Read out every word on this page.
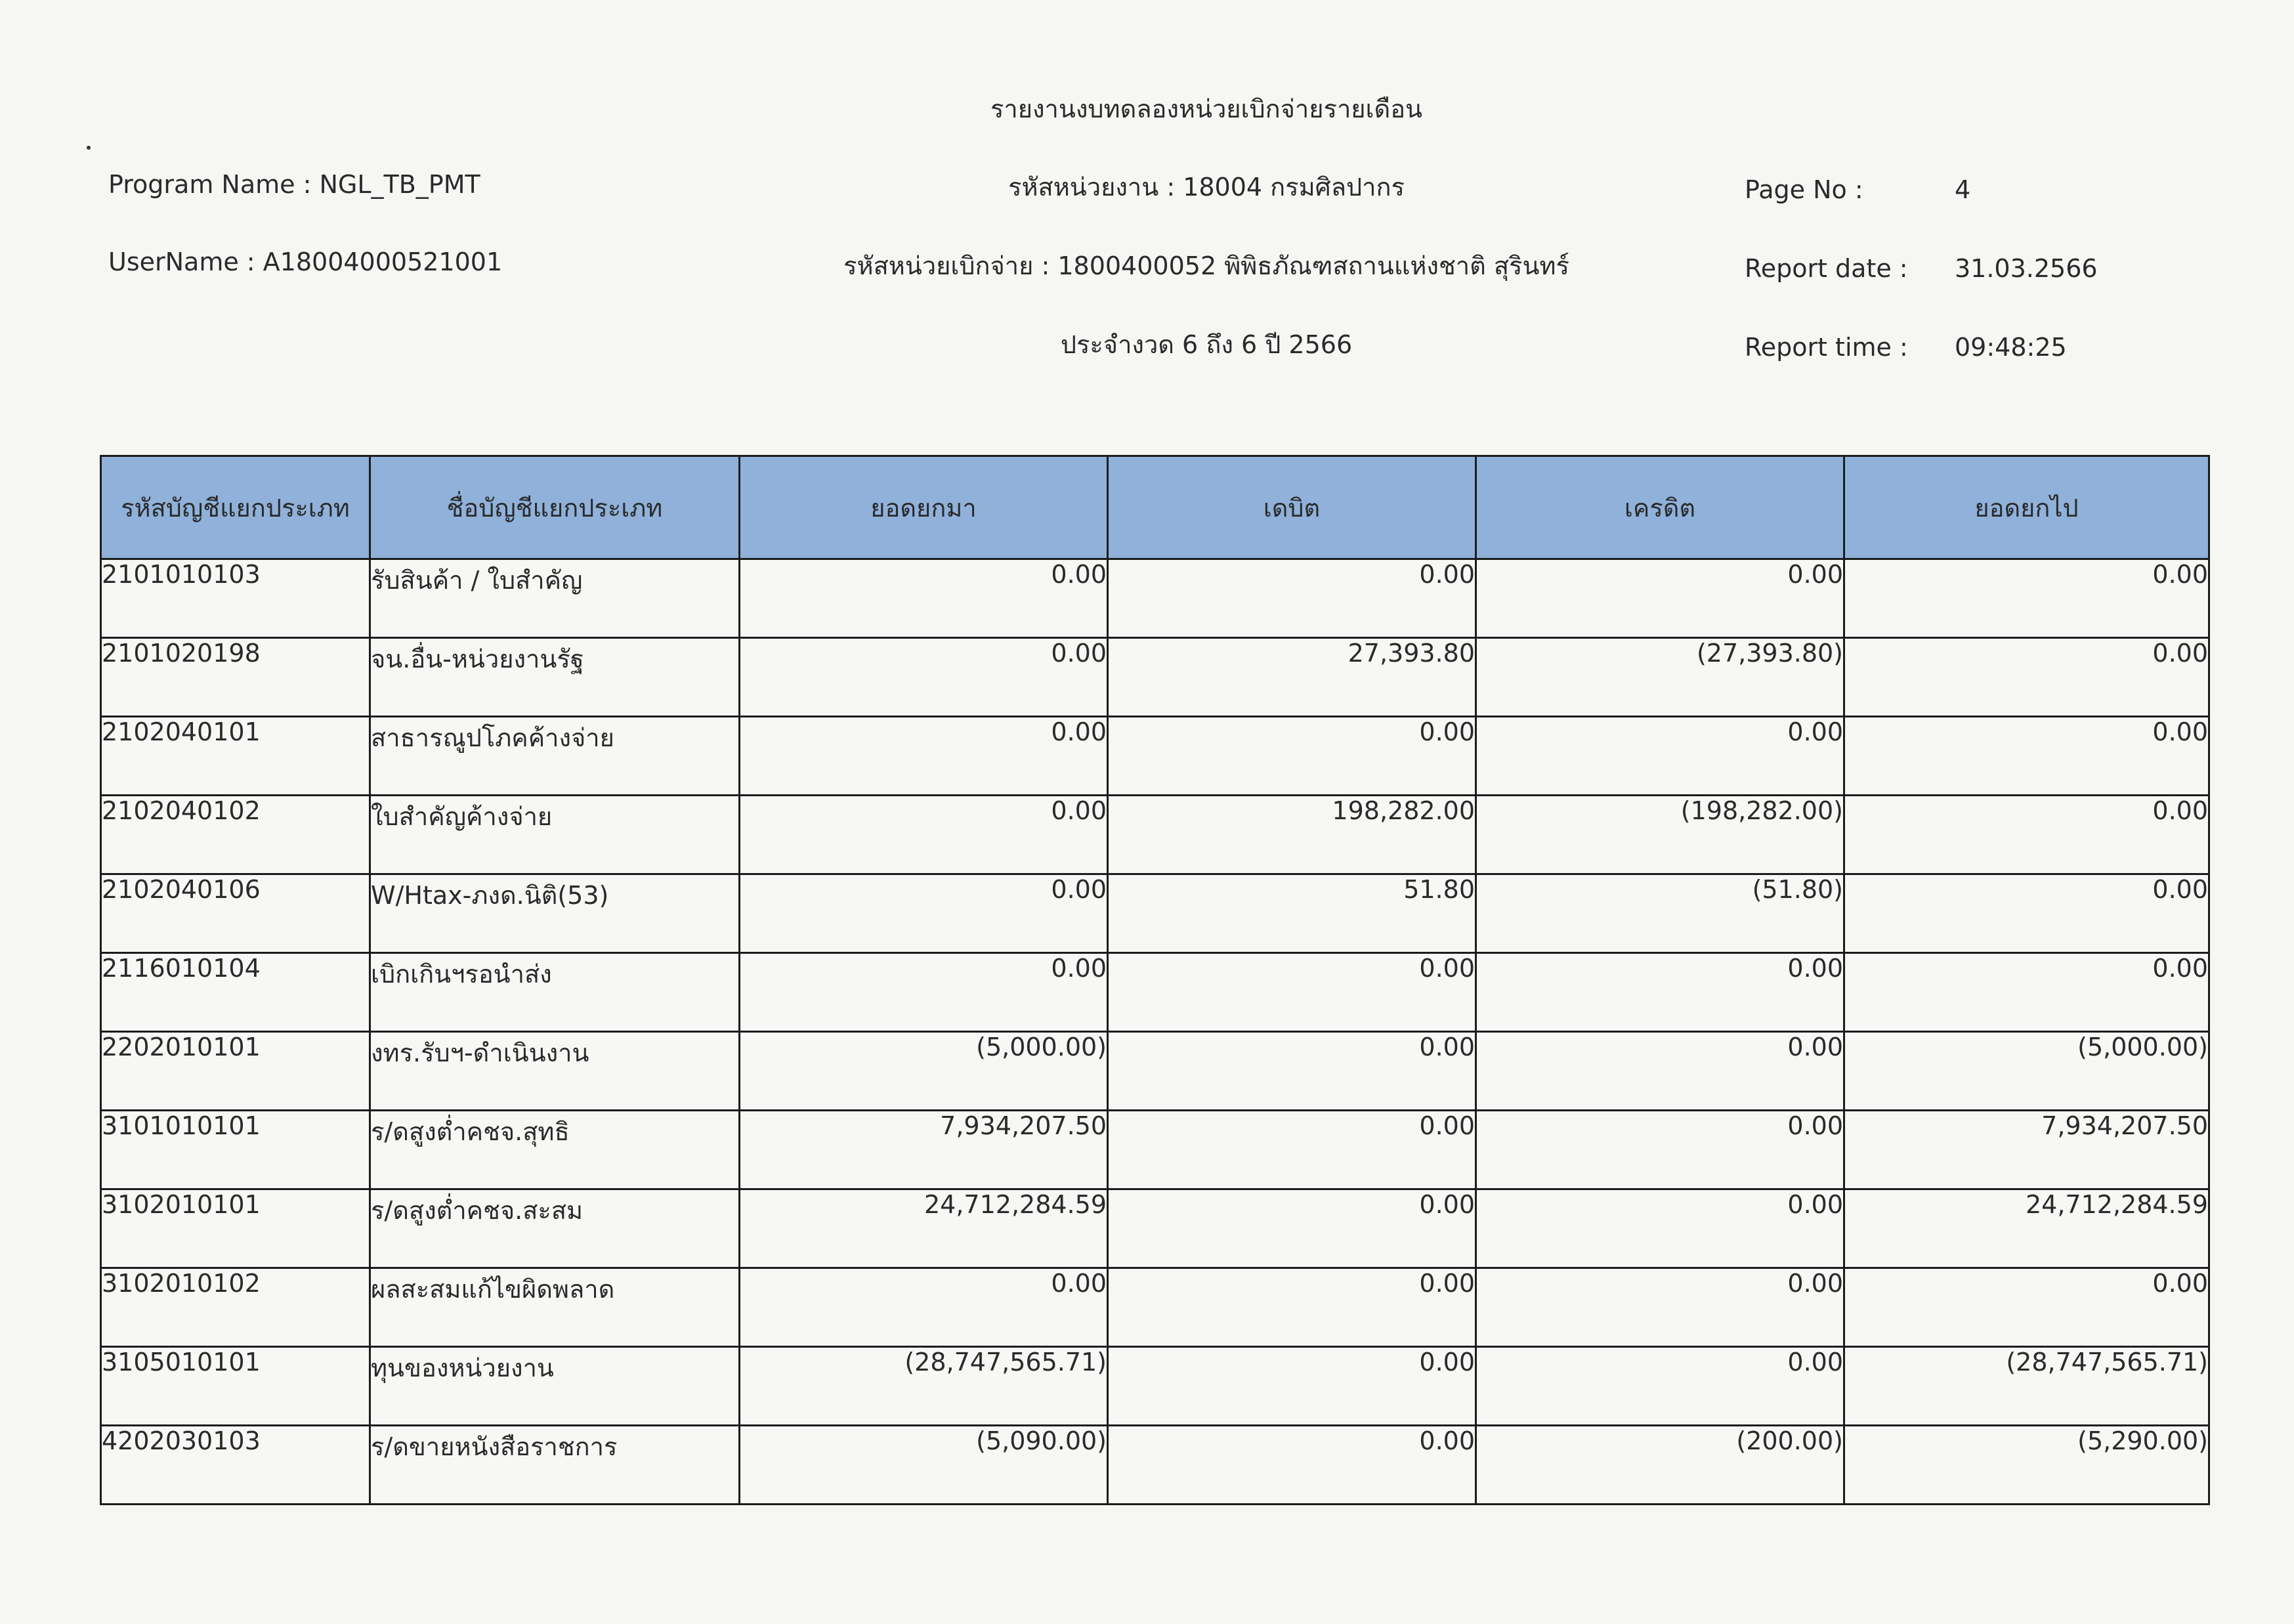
รายงานงบทดลองหน่วยเบิกจ่ายรายเดือน
Program Name : NGL_TB_PMT	รหัสหน่วยงาน : 18004 กรมศิลปากร	Page No :	4
UserName : A18004000521001	รหัสหน่วยเบิกจ่าย : 1800400052 พิพิธภัณฑสถานแห่งชาติ สุรินทร์	Report date : 31.03.2566
ประจำงวด 6 ถึง 6 ปี 2566	Report time : 09:48:25
รหัสบัญชีแยกประเภท	ชื่อบัญชีแยกประเภท	ยอดยกมา	เดบิต	เครดิต	ยอดยกไป
2101010103	รับสินค้า / ใบสำคัญ	0.00	0.00	0.00	0.00
2101020198	จน.อื่น-หน่วยงานรัฐ	0.00	27,393.80	(27,393.80)	0.00
2102040101	สาธารณูปโภคค้างจ่าย	0.00	0.00	0.00	0.00
2102040102	ใบสำคัญค้างจ่าย	0.00	198,282.00	(198,282.00)	0.00
2102040106	W/Htax-ภงด.นิติ(53)	0.00	51.80	(51.80)	0.00
2116010104	เบิกเกินฯรอนำส่ง	0.00	0.00	0.00	0.00
2202010101	งทร.รับฯ-ดำเนินงาน	(5,000.00)	0.00	0.00	(5,000.00)
3101010101	ร/ดสูงต่ำคชจ.สุทธิ	7,934,207.50	0.00	0.00	7,934,207.50
3102010101	ร/ดสูงต่ำคชจ.สะสม	24,712,284.59	0.00	0.00	24,712,284.59
3102010102	ผลสะสมแก้ไขผิดพลาด	0.00	0.00	0.00	0.00
3105010101	ทุนของหน่วยงาน	(28,747,565.71)	0.00	0.00	(28,747,565.71)
4202030103	ร/ดขายหนังสือราชการ	(5,090.00)	0.00	(200.00)	(5,290.00)
